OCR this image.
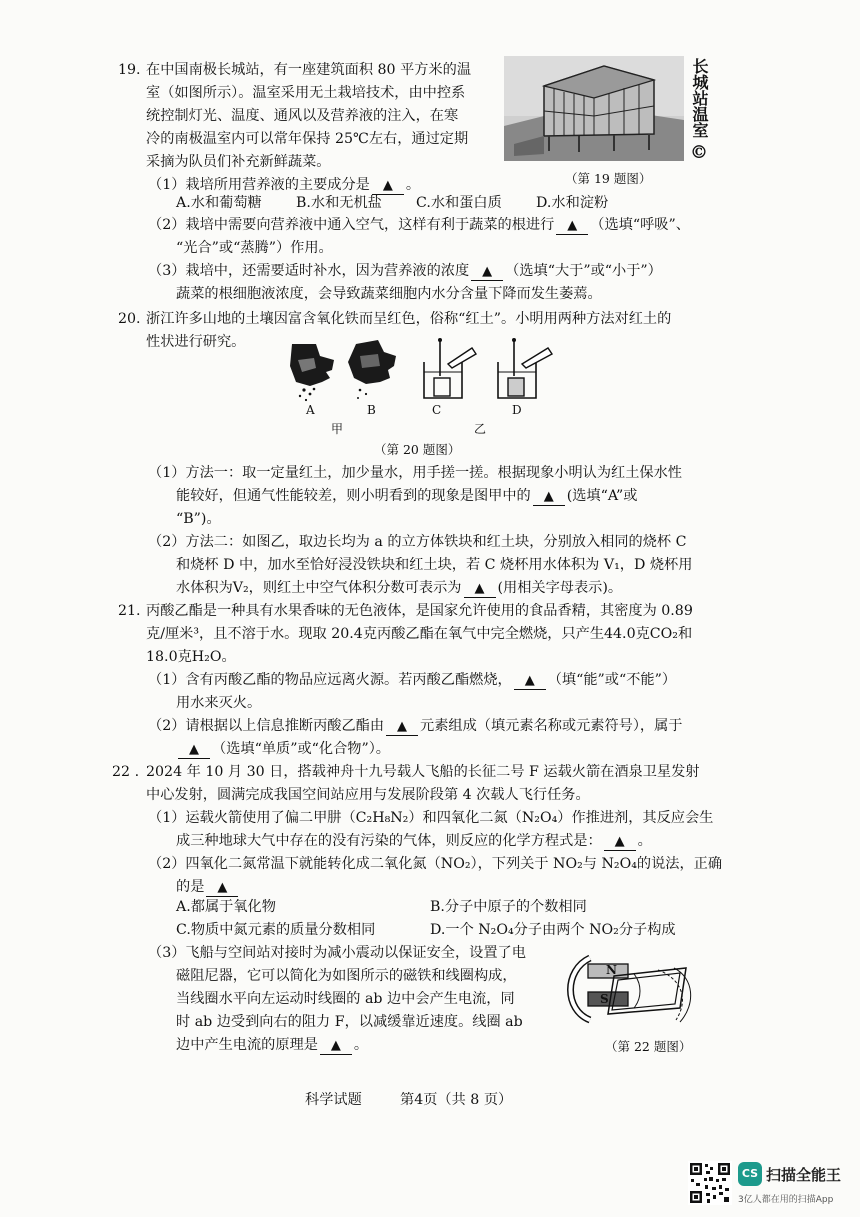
19. 在中国南极长城站，有一座建筑面积 80 平方米的温
室（如图所示）。温室采用无土栽培技术，由中控系
统控制灯光、温度、通风以及营养液的注入，在寒
冷的南极温室内可以常年保持 25℃左右，通过定期
采摘为队员们补充新鲜蔬菜。
长城站温室
©
（第 19 题图）
（1）栽培所用营养液的主要成分是 ▲ 。
A.水和葡萄糖 B.水和无机盐 C.水和蛋白质 D.水和淀粉
（2）栽培中需要向营养液中通入空气，这样有利于蔬菜的根进行 ▲ （选填“呼吸”、
“光合”或“蒸腾”）作用。
（3）栽培中，还需要适时补水，因为营养液的浓度 ▲ （选填“大于”或“小于”）
蔬菜的根细胞液浓度，会导致蔬菜细胞内水分含量下降而发生萎蔫。
20. 浙江许多山地的土壤因富含氧化铁而呈红色，俗称“红土”。小明用两种方法对红土的
性状进行研究。
A	B	C	D
甲	乙
（第 20 题图）
（1）方法一：取一定量红土，加少量水，用手搓一搓。根据现象小明认为红土保水性
能较好，但通气性能较差，则小明看到的现象是图甲中的 ▲ (选填“A”或
“B”)。
（2）方法二：如图乙，取边长均为 a 的立方体铁块和红土块，分别放入相同的烧杯 C
和烧杯 D 中，加水至恰好浸没铁块和红土块，若 C 烧杯用水体积为 V₁，D 烧杯用
水体积为V₂，则红土中空气体积分数可表示为 ▲ (用相关字母表示)。
21. 丙酸乙酯是一种具有水果香味的无色液体，是国家允许使用的食品香精，其密度为 0.89
克/厘米³，且不溶于水。现取 20.4克丙酸乙酯在氧气中完全燃烧，只产生44.0克CO₂和
18.0克H₂O。
（1）含有丙酸乙酯的物品应远离火源。若丙酸乙酯燃烧， ▲ （填“能”或“不能”）
用水来灭火。
（2）请根据以上信息推断丙酸乙酯由 ▲ 元素组成（填元素名称或元素符号），属于
▲ （选填“单质”或“化合物”）。
22 . 2024 年 10 月 30 日，搭载神舟十九号载人飞船的长征二号 F 运载火箭在酒泉卫星发射
中心发射，圆满完成我国空间站应用与发展阶段第 4 次载人飞行任务。
（1）运载火箭使用了偏二甲肼（C₂H₈N₂）和四氧化二氮（N₂O₄）作推进剂，其反应会生
成三种地球大气中存在的没有污染的气体，则反应的化学方程式是： ▲ 。
（2）四氧化二氮常温下就能转化成二氧化氮（NO₂），下列关于 NO₂与 N₂O₄的说法，正确
的是 ▲
A.都属于氧化物	B.分子中原子的个数相同
C.物质中氮元素的质量分数相同	D.一个 N₂O₄分子由两个 NO₂分子构成
（3）飞船与空间站对接时为减小震动以保证安全，设置了电
磁阻尼器，它可以简化为如图所示的磁铁和线圈构成，
当线圈水平向左运动时线圈的 ab 边中会产生电流，同
时 ab 边受到向右的阻力 F，以减缓靠近速度。线圈 ab
边中产生电流的原理是 ▲ 。
N
S
（第 22 题图）
科学试题	第4页（共 8 页）
CS 扫描全能王
3亿人都在用的扫描App
